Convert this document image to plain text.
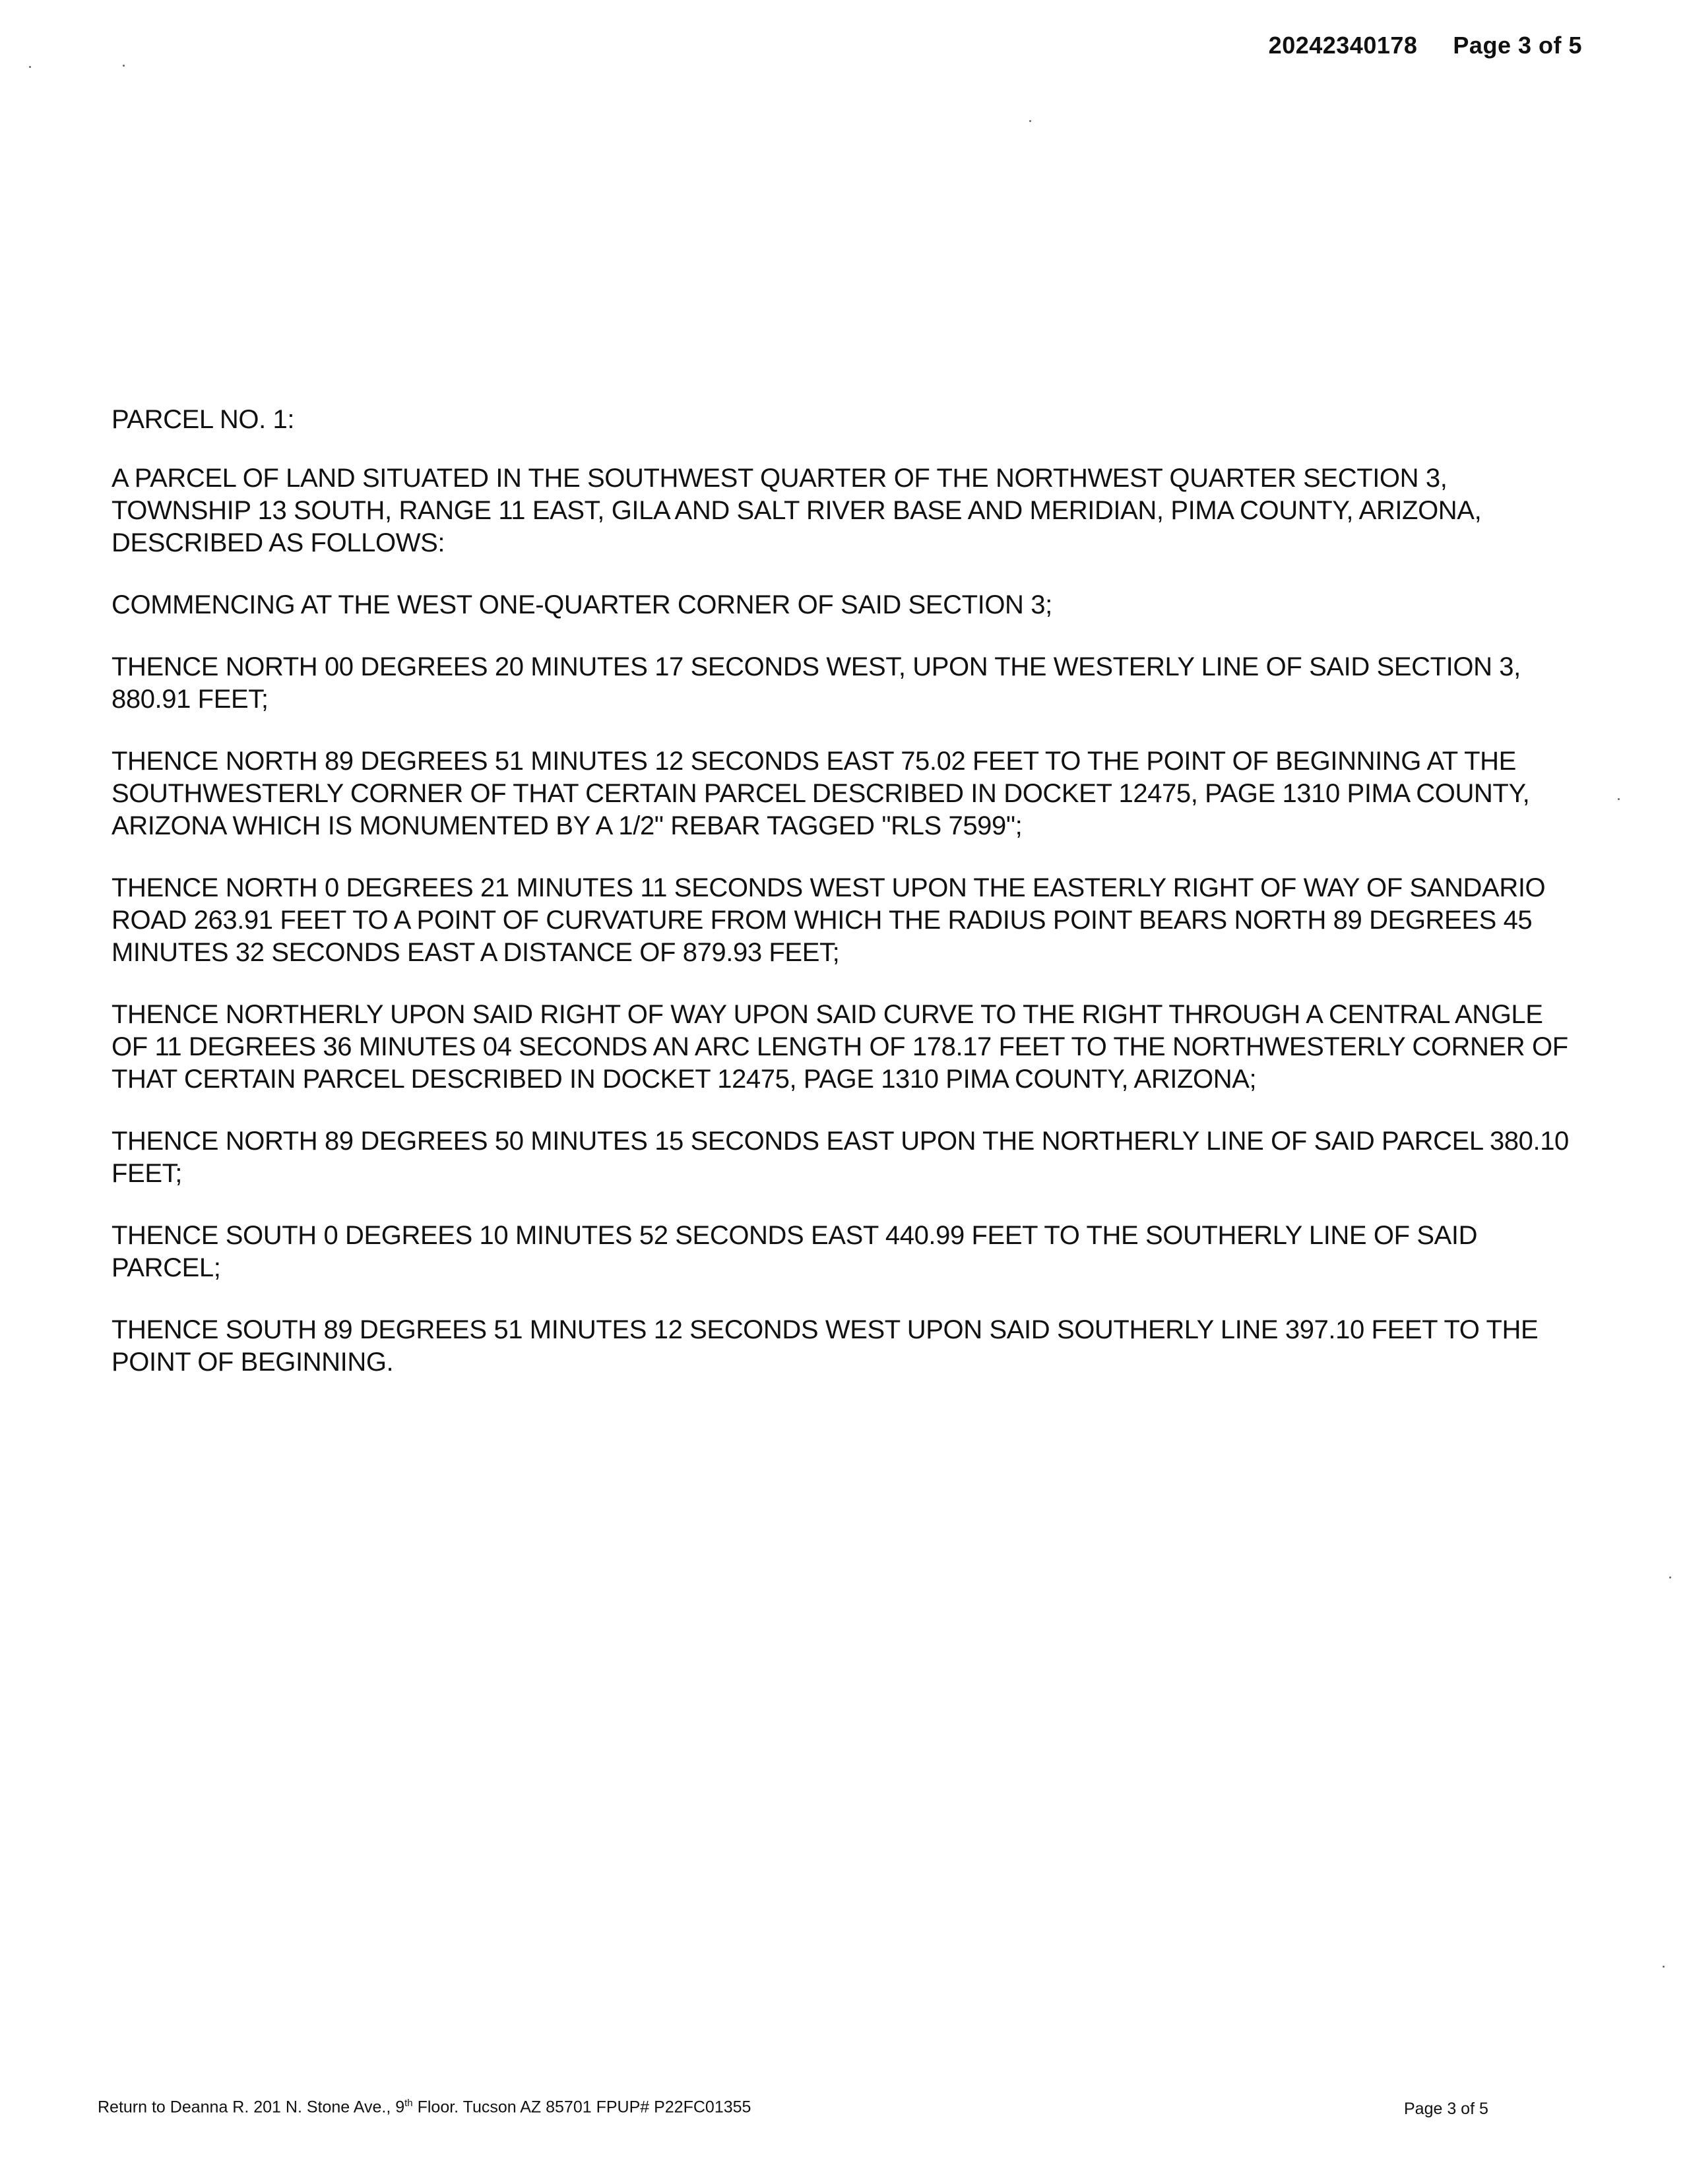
20242340178 Page 3 of 5

PARCEL NO. 1:

A PARCEL OF LAND SITUATED IN THE SOUTHWEST QUARTER OF THE NORTHWEST QUARTER SECTION 3, TOWNSHIP 13 SOUTH, RANGE 11 EAST, GILA AND SALT RIVER BASE AND MERIDIAN, PIMA COUNTY, ARIZONA, DESCRIBED AS FOLLOWS:

COMMENCING AT THE WEST ONE-QUARTER CORNER OF SAID SECTION 3;

THENCE NORTH 00 DEGREES 20 MINUTES 17 SECONDS WEST, UPON THE WESTERLY LINE OF SAID SECTION 3, 880.91 FEET;

THENCE NORTH 89 DEGREES 51 MINUTES 12 SECONDS EAST 75.02 FEET TO THE POINT OF BEGINNING AT THE SOUTHWESTERLY CORNER OF THAT CERTAIN PARCEL DESCRIBED IN DOCKET 12475, PAGE 1310 PIMA COUNTY, ARIZONA WHICH IS MONUMENTED BY A 1/2" REBAR TAGGED "RLS 7599";

THENCE NORTH 0 DEGREES 21 MINUTES 11 SECONDS WEST UPON THE EASTERLY RIGHT OF WAY OF SANDARIO ROAD 263.91 FEET TO A POINT OF CURVATURE FROM WHICH THE RADIUS POINT BEARS NORTH 89 DEGREES 45 MINUTES 32 SECONDS EAST A DISTANCE OF 879.93 FEET;

THENCE NORTHERLY UPON SAID RIGHT OF WAY UPON SAID CURVE TO THE RIGHT THROUGH A CENTRAL ANGLE OF 11 DEGREES 36 MINUTES 04 SECONDS AN ARC LENGTH OF 178.17 FEET TO THE NORTHWESTERLY CORNER OF THAT CERTAIN PARCEL DESCRIBED IN DOCKET 12475, PAGE 1310 PIMA COUNTY, ARIZONA;

THENCE NORTH 89 DEGREES 50 MINUTES 15 SECONDS EAST UPON THE NORTHERLY LINE OF SAID PARCEL 380.10 FEET;

THENCE SOUTH 0 DEGREES 10 MINUTES 52 SECONDS EAST 440.99 FEET TO THE SOUTHERLY LINE OF SAID PARCEL;

THENCE SOUTH 89 DEGREES 51 MINUTES 12 SECONDS WEST UPON SAID SOUTHERLY LINE 397.10 FEET TO THE POINT OF BEGINNING.

Return to Deanna R. 201 N. Stone Ave., 9th Floor. Tucson AZ 85701 FPUP# P22FC01355	Page 3 of 5
